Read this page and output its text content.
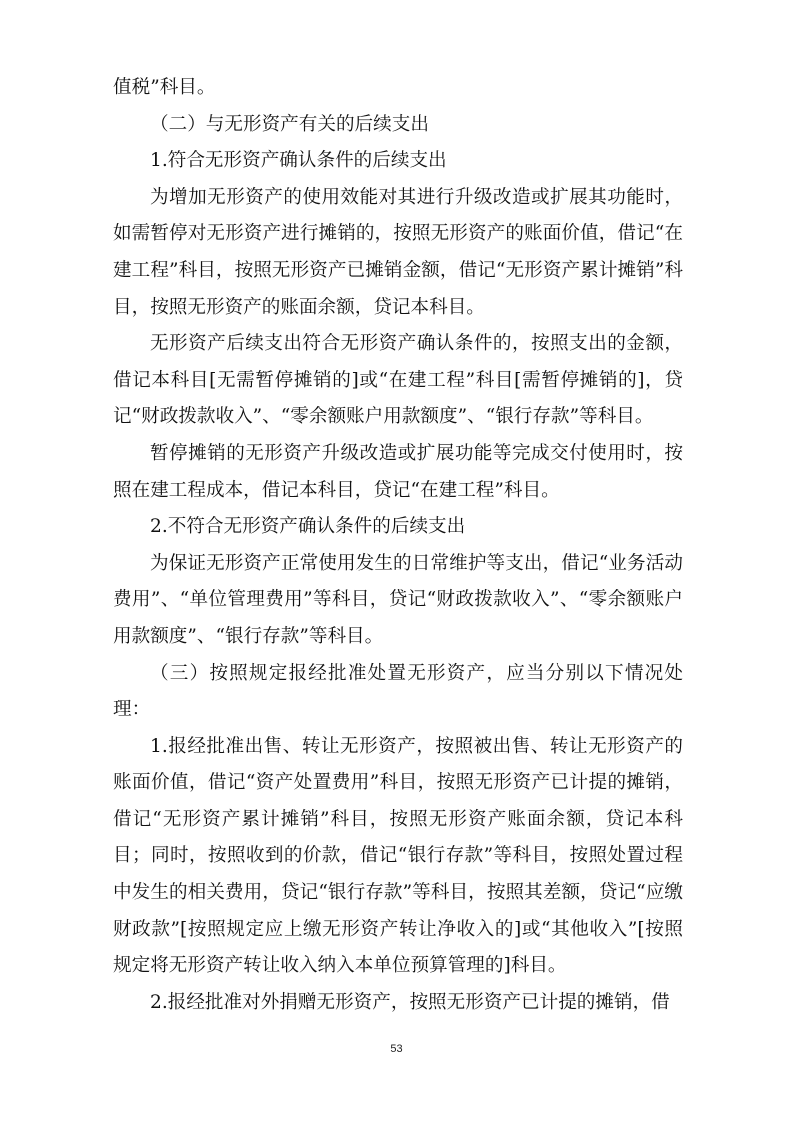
值税”科目。

（二）与无形资产有关的后续支出

1.符合无形资产确认条件的后续支出

为增加无形资产的使用效能对其进行升级改造或扩展其功能时，如需暂停对无形资产进行摊销的，按照无形资产的账面价值，借记“在建工程”科目，按照无形资产已摊销金额，借记“无形资产累计摊销”科目，按照无形资产的账面余额，贷记本科目。

无形资产后续支出符合无形资产确认条件的，按照支出的金额，借记本科目[无需暂停摊销的]或“在建工程”科目[需暂停摊销的]，贷记“财政拨款收入”、“零余额账户用款额度”、“银行存款”等科目。

暂停摊销的无形资产升级改造或扩展功能等完成交付使用时，按照在建工程成本，借记本科目，贷记“在建工程”科目。

2.不符合无形资产确认条件的后续支出

为保证无形资产正常使用发生的日常维护等支出，借记“业务活动费用”、“单位管理费用”等科目，贷记“财政拨款收入”、“零余额账户用款额度”、“银行存款”等科目。

（三）按照规定报经批准处置无形资产，应当分别以下情况处理：

1.报经批准出售、转让无形资产，按照被出售、转让无形资产的账面价值，借记“资产处置费用”科目，按照无形资产已计提的摊销，借记“无形资产累计摊销”科目，按照无形资产账面余额，贷记本科目；同时，按照收到的价款，借记“银行存款”等科目，按照处置过程中发生的相关费用，贷记“银行存款”等科目，按照其差额，贷记“应缴财政款”[按照规定应上缴无形资产转让净收入的]或“其他收入”[按照规定将无形资产转让收入纳入本单位预算管理的]科目。

2.报经批准对外捐赠无形资产，按照无形资产已计提的摊销，借

53
